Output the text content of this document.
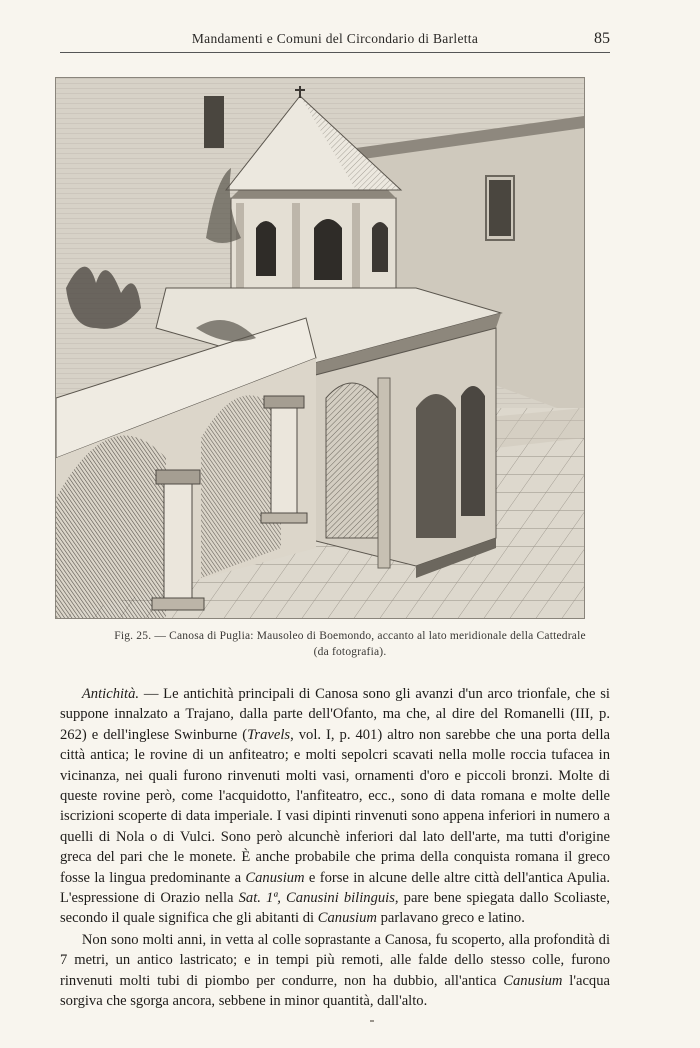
Mandamenti e Comuni del Circondario di Barletta	85
Fig. 25. — Canosa di Puglia: Mausoleo di Boemondo, accanto al lato meridionale della Cattedrale
(da fotografia).

Antichità. — Le antichità principali di Canosa sono gli avanzi d'un arco trionfale, che si suppone innalzato a Trajano, dalla parte dell'Ofanto, ma che, al dire del Romanelli (III, p. 262) e dell'inglese Swinburne (Travels, vol. I, p. 401) altro non sarebbe che una porta della città antica; le rovine di un anfiteatro; e molti sepolcri scavati nella molle roccia tufacea in vicinanza, nei quali furono rinvenuti molti vasi, ornamenti d'oro e piccoli bronzi. Molte di queste rovine però, come l'acquidotto, l'anfiteatro, ecc., sono di data romana e molte delle iscrizioni scoperte di data imperiale. I vasi dipinti rinvenuti sono appena inferiori in numero a quelli di Nola o di Vulci. Sono però alcunchè inferiori dal lato dell'arte, ma tutti d'origine greca del pari che le monete. È anche probabile che prima della conquista romana il greco fosse la lingua predominante a Canusium e forse in alcune delle altre città dell'antica Apulia. L'espressione di Orazio nella Sat. 1ª, Canusini bilinguis, pare bene spiegata dallo Scoliaste, secondo il quale significa che gli abitanti di Canusium parlavano greco e latino.

Non sono molti anni, in vetta al colle soprastante a Canosa, fu scoperto, alla profondità di 7 metri, un antico lastricato; e in tempi più remoti, alle falde dello stesso colle, furono rinvenuti molti tubi di piombo per condurre, non ha dubbio, all'antica Canusium l'acqua sorgiva che sgorga ancora, sebbene in minor quantità, dall'alto.
